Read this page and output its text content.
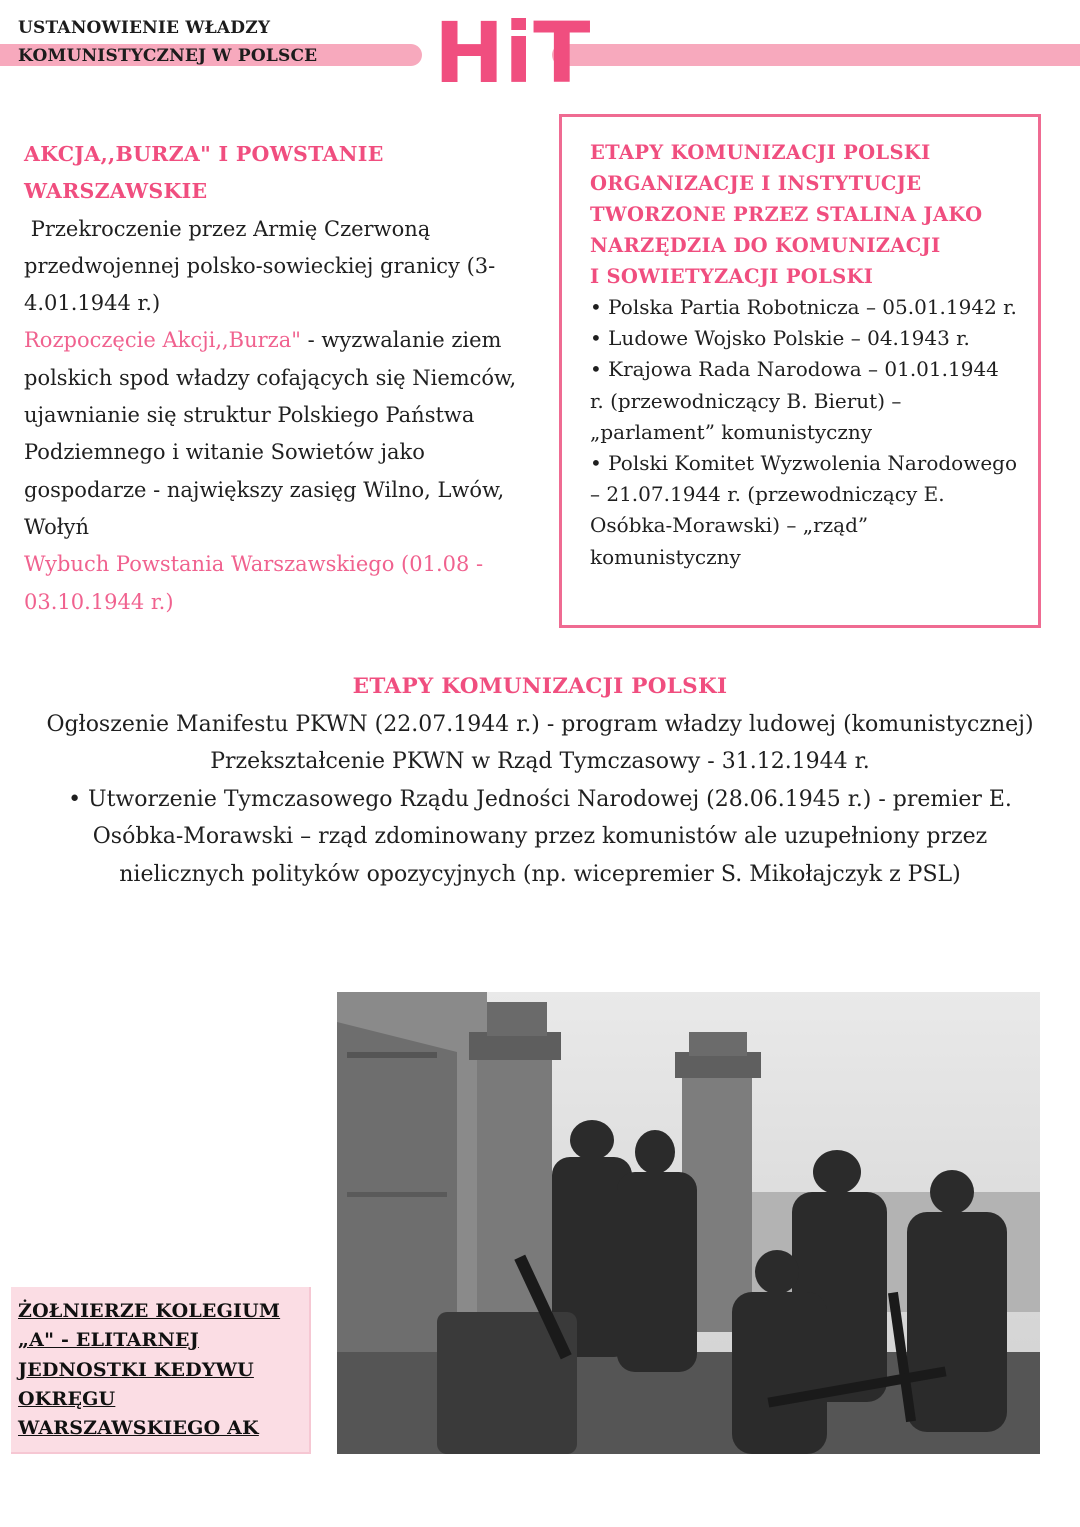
USTANOWIENIE WŁADZY
KOMUNISTYCZNEJ W POLSCE HiT
AKCJA,,BURZA" I POWSTANIE
WARSZAWSKIE
Przekroczenie przez Armię Czerwoną przedwojennej polsko-sowieckiej granicy (3- 4.01.1944 r.)
Rozpoczęcie Akcji,,Burza" - wyzwalanie ziem polskich spod władzy cofających się Niemców, ujawnianie się struktur Polskiego Państwa Podziemnego i witanie Sowietów jako gospodarze - największy zasięg Wilno, Lwów, Wołyń
Wybuch Powstania Warszawskiego (01.08 - 03.10.1944 r.)
ETAPY KOMUNIZACJI POLSKI
ORGANIZACJE I INSTYTUCJE
TWORZONE PRZEZ STALINA JAKO
NARZĘDZIA DO KOMUNIZACJI
I SOWIETYZACJI POLSKI
• Polska Partia Robotnicza – 05.01.1942 r.
• Ludowe Wojsko Polskie – 04.1943 r.
• Krajowa Rada Narodowa – 01.01.1944 r. (przewodniczący B. Bierut) – „parlament” komunistyczny
• Polski Komitet Wyzwolenia Narodowego – 21.07.1944 r. (przewodniczący E. Osóbka-Morawski) – „rząd” komunistyczny
ETAPY KOMUNIZACJI POLSKI
Ogłoszenie Manifestu PKWN (22.07.1944 r.) - program władzy ludowej (komunistycznej) Przekształcenie PKWN w Rząd Tymczasowy - 31.12.1944 r.
• Utworzenie Tymczasowego Rządu Jedności Narodowej (28.06.1945 r.) - premier E. Osóbka-Morawski – rząd zdominowany przez komunistów ale uzupełniony przez nielicznych polityków opozycyjnych (np. wicepremier S. Mikołajczyk z PSL)
ŻOŁNIERZE KOLEGIUM
„A" - ELITARNEJ
JEDNOSTKI KEDYWU
OKRĘGU
WARSZAWSKIEGO AK
